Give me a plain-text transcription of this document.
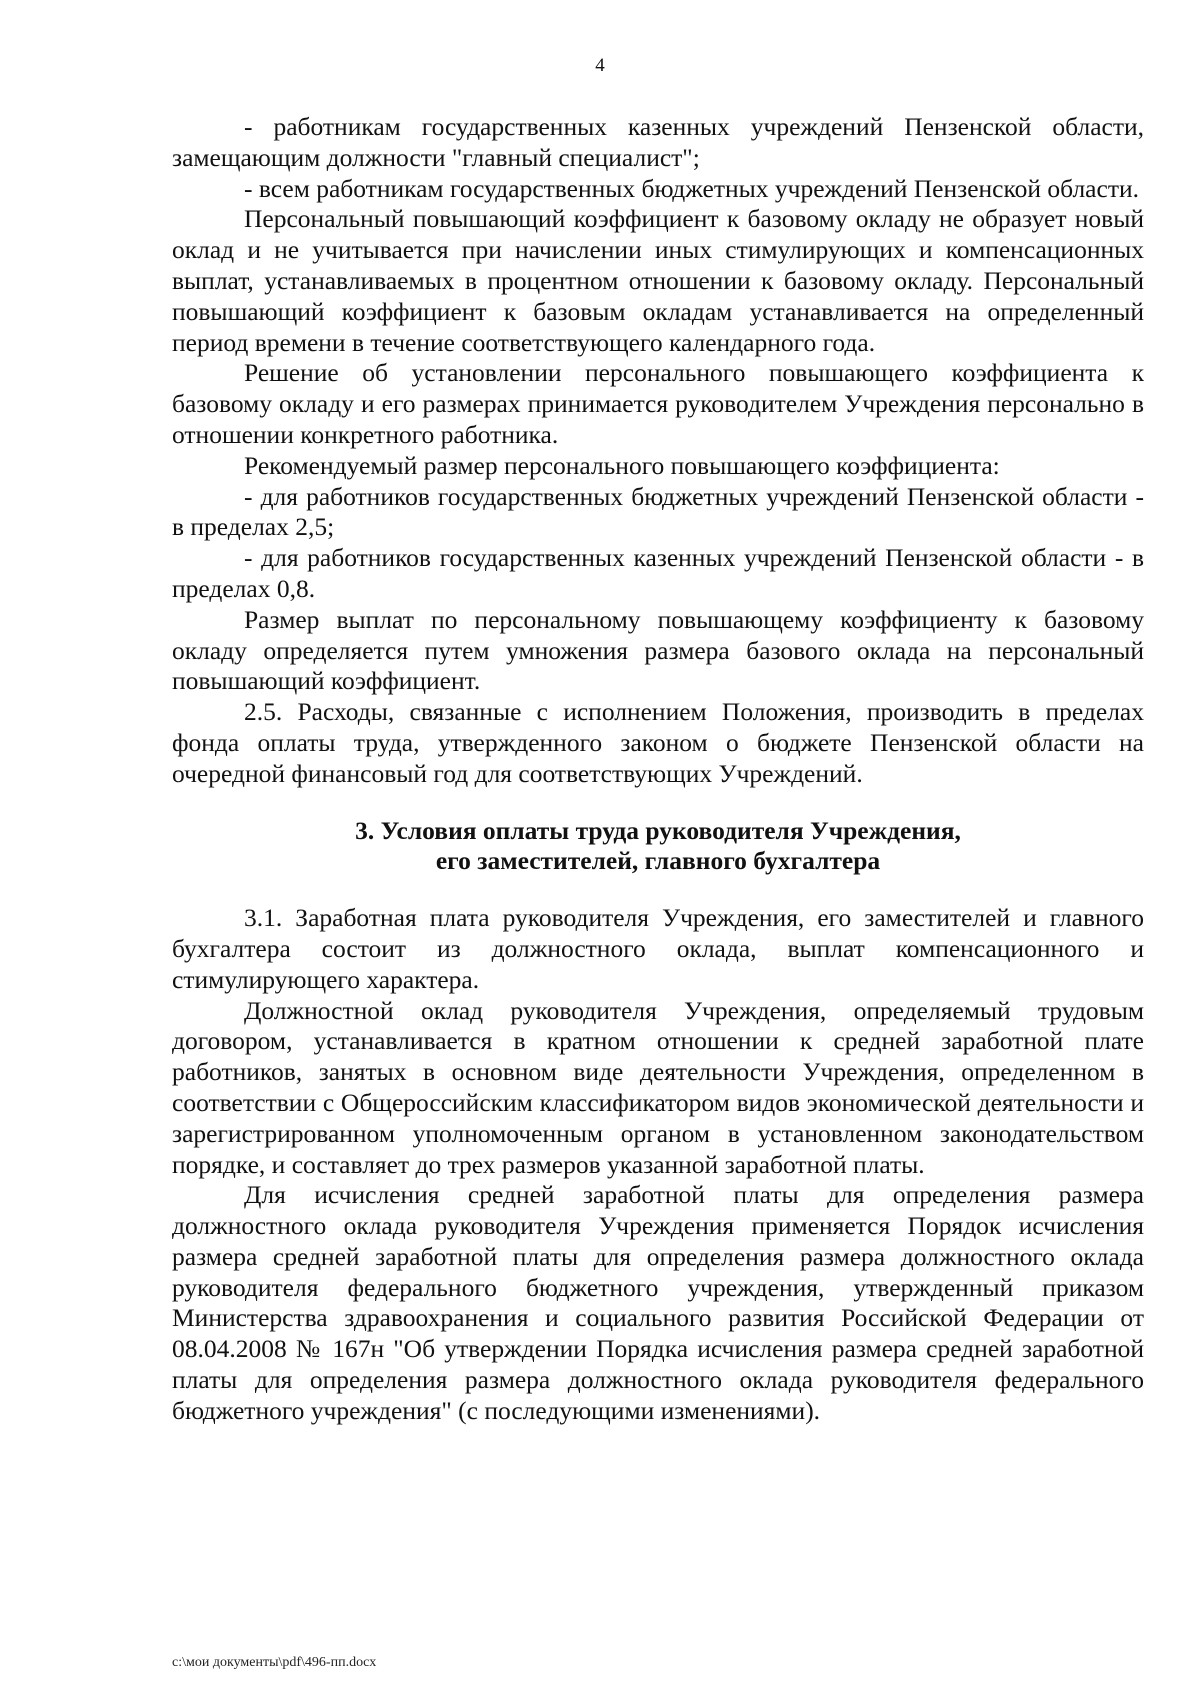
4

- работникам государственных казенных учреждений Пензенской области, замещающим должности "главный специалист";

- всем работникам государственных бюджетных учреждений Пензенской области.

Персональный повышающий коэффициент к базовому окладу не образует новый оклад и не учитывается при начислении иных стимулирующих и компенсационных выплат, устанавливаемых в процентном отношении к базовому окладу. Персональный повышающий коэффициент к базовым окладам устанавливается на определенный период времени в течение соответствующего календарного года.

Решение об установлении персонального повышающего коэффициента к базовому окладу и его размерах принимается руководителем Учреждения персонально в отношении конкретного работника.

Рекомендуемый размер персонального повышающего коэффициента:

- для работников государственных бюджетных учреждений Пензенской области - в пределах 2,5;

- для работников государственных казенных учреждений Пензенской области - в пределах 0,8.

Размер выплат по персональному повышающему коэффициенту к базовому окладу определяется путем умножения размера базового оклада на персональный повышающий коэффициент.

2.5. Расходы, связанные с исполнением Положения, производить в пределах фонда оплаты труда, утвержденного законом о бюджете Пензенской области на очередной финансовый год для соответствующих Учреждений.

3. Условия оплаты труда руководителя Учреждения,
его заместителей, главного бухгалтера

3.1. Заработная плата руководителя Учреждения, его заместителей и главного бухгалтера состоит из должностного оклада, выплат компенсационного и стимулирующего характера.

Должностной оклад руководителя Учреждения, определяемый трудовым договором, устанавливается в кратном отношении к средней заработной плате работников, занятых в основном виде деятельности Учреждения, определенном в соответствии с Общероссийским классификатором видов экономической деятельности и зарегистрированном уполномоченным органом в установленном законодательством порядке, и составляет до трех размеров указанной заработной платы.

Для исчисления средней заработной платы для определения размера должностного оклада руководителя Учреждения применяется Порядок исчисления размера средней заработной платы для определения размера должностного оклада руководителя федерального бюджетного учреждения, утвержденный приказом Министерства здравоохранения и социального развития Российской Федерации от 08.04.2008 № 167н "Об утверждении Порядка исчисления размера средней заработной платы для определения размера должностного оклада руководителя федерального бюджетного учреждения" (с последующими изменениями).

c:\мои документы\pdf\496-пп.docx
